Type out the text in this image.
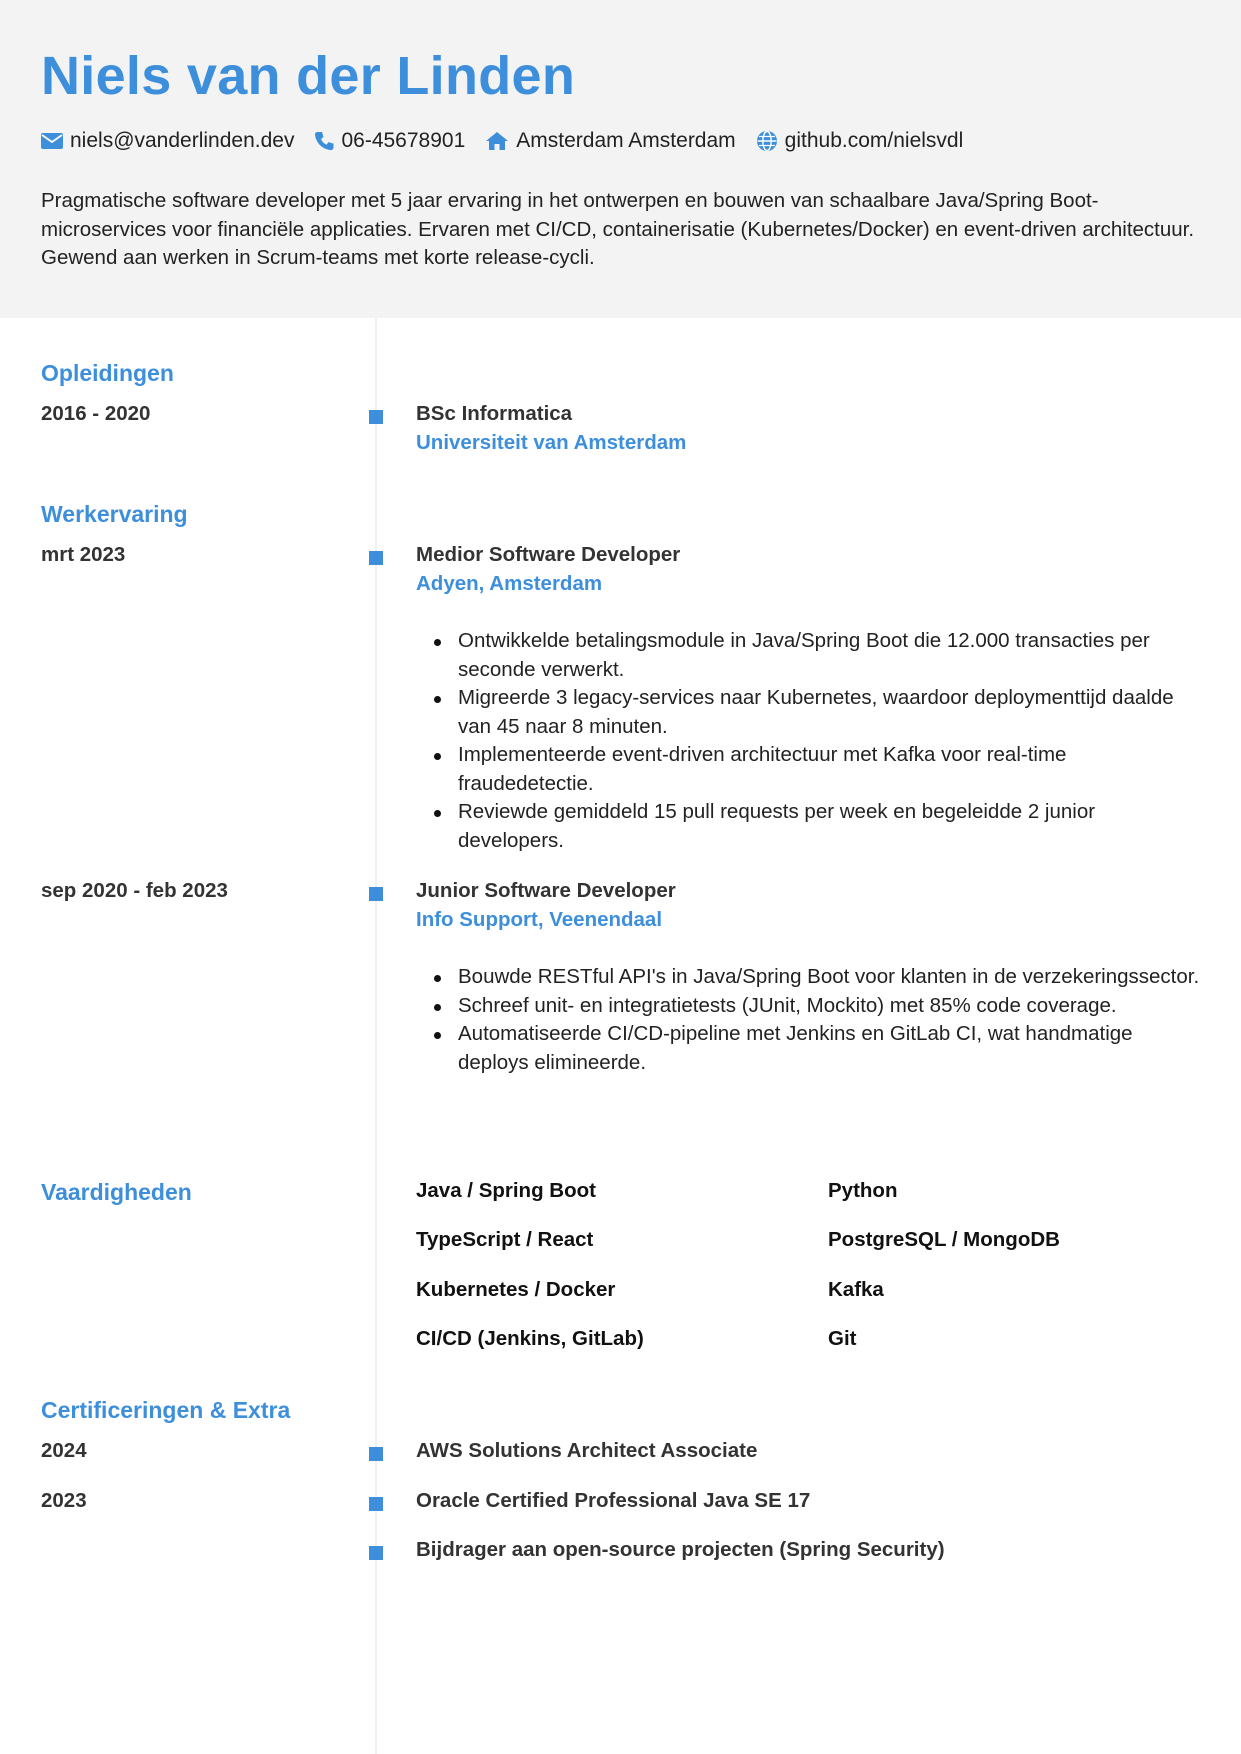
Niels van der Linden
niels@vanderlinden.dev 06-45678901 Amsterdam Amsterdam github.com/nielsvdl
Pragmatische software developer met 5 jaar ervaring in het ontwerpen en bouwen van schaalbare Java/Spring Boot-microservices voor financiële applicaties. Ervaren met CI/CD, containerisatie (Kubernetes/Docker) en event-driven architectuur. Gewend aan werken in Scrum-teams met korte release-cycli.
Opleidingen
2016 - 2020	BSc Informatica
Universiteit van Amsterdam
Werkervaring
mrt 2023	Medior Software Developer
Adyen, Amsterdam
Ontwikkelde betalingsmodule in Java/Spring Boot die 12.000 transacties per seconde verwerkt.
Migreerde 3 legacy-services naar Kubernetes, waardoor deploymenttijd daalde van 45 naar 8 minuten.
Implementeerde event-driven architectuur met Kafka voor real-time fraudedetectie.
Reviewde gemiddeld 15 pull requests per week en begeleidde 2 junior developers.
sep 2020 - feb 2023	Junior Software Developer
Info Support, Veenendaal
Bouwde RESTful API's in Java/Spring Boot voor klanten in de verzekeringssector.
Schreef unit- en integratietests (JUnit, Mockito) met 85% code coverage.
Automatiseerde CI/CD-pipeline met Jenkins en GitLab CI, wat handmatige deploys elimineerde.
Vaardigheden	Java / Spring Boot	Python
TypeScript / React	PostgreSQL / MongoDB
Kubernetes / Docker	Kafka
CI/CD (Jenkins, GitLab)	Git
Certificeringen & Extra
2024	AWS Solutions Architect Associate
2023	Oracle Certified Professional Java SE 17
Bijdrager aan open-source projecten (Spring Security)
